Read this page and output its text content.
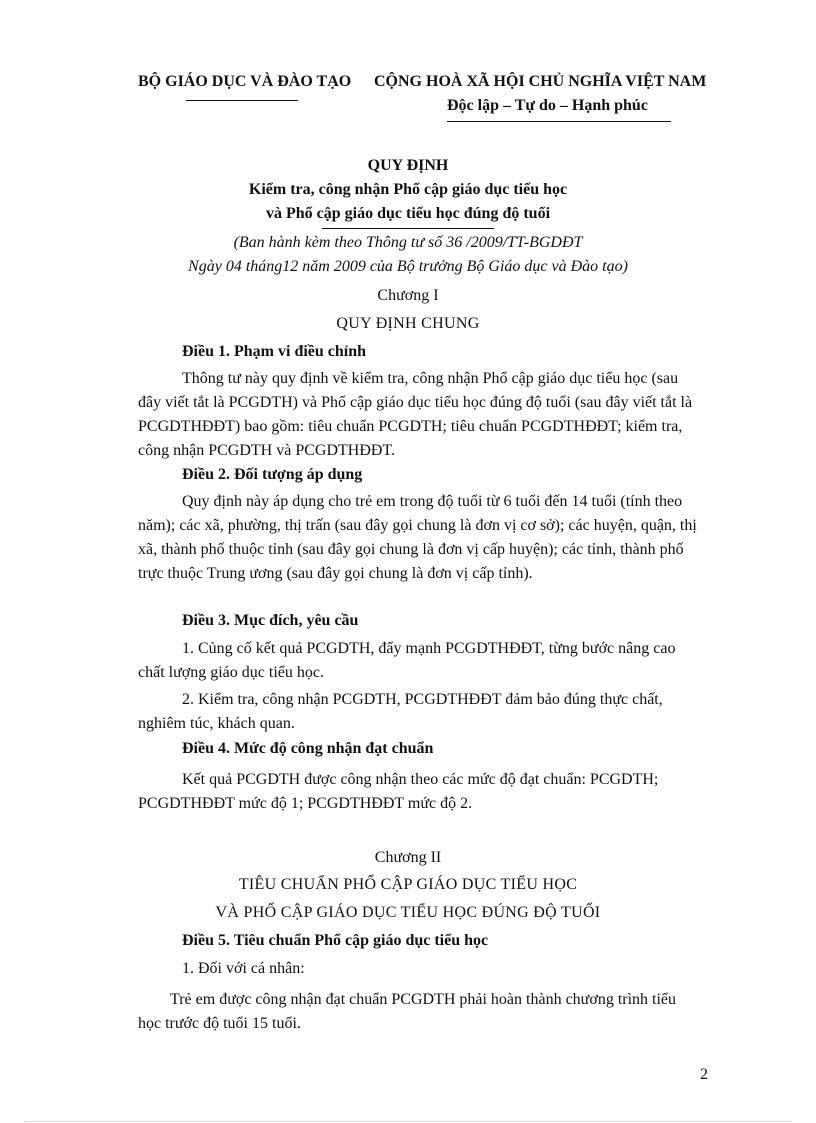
BỘ GIÁO DỤC VÀ ĐÀO TẠO CỘNG HOÀ XÃ HỘI CHỦ NGHĨA VIỆT NAM
Độc lập – Tự do – Hạnh phúc
QUY ĐỊNH
Kiểm tra, công nhận Phổ cập giáo dục tiểu học
và Phổ cập giáo dục tiểu học đúng độ tuổi
(Ban hành kèm theo Thông tư số 36 /2009/TT-BGDĐT
Ngày 04 tháng12 năm 2009 của Bộ trưởng Bộ Giáo dục và Đào tạo)
Chương I
QUY ĐỊNH CHUNG
Điều 1. Phạm vi điều chỉnh
Thông tư này quy định về kiểm tra, công nhận Phổ cập giáo dục tiểu học (sau đây viết tắt là PCGDTH) và Phổ cập giáo dục tiểu học đúng độ tuổi (sau đây viết tắt là PCGDTHĐĐT) bao gồm: tiêu chuẩn PCGDTH; tiêu chuẩn PCGDTHĐĐT; kiểm tra, công nhận PCGDTH và PCGDTHĐĐT.
Điều 2. Đối tượng áp dụng
Quy định này áp dụng cho trẻ em trong độ tuổi từ 6 tuổi đến 14 tuổi (tính theo năm); các xã, phường, thị trấn (sau đây gọi chung là đơn vị cơ sở); các huyện, quận, thị xã, thành phố thuộc tỉnh (sau đây gọi chung là đơn vị cấp huyện); các tỉnh, thành phố trực thuộc Trung ương (sau đây gọi chung là đơn vị cấp tỉnh).
Điều 3. Mục đích, yêu cầu
1. Củng cố kết quả PCGDTH, đẩy mạnh PCGDTHĐĐT, từng bước nâng cao chất lượng giáo dục tiểu học.
2. Kiểm tra, công nhận PCGDTH, PCGDTHĐĐT đảm bảo đúng thực chất, nghiêm túc, khách quan.
Điều 4. Mức độ công nhận đạt chuẩn
Kết quả PCGDTH được công nhận theo các mức độ đạt chuẩn: PCGDTH; PCGDTHĐĐT mức độ 1; PCGDTHĐĐT mức độ 2.
Chương II
TIÊU CHUẨN PHỔ CẬP GIÁO DỤC TIỂU HỌC
VÀ PHỔ CẬP GIÁO DỤC TIỂU HỌC ĐÚNG ĐỘ TUỔI
Điều 5. Tiêu chuẩn Phổ cập giáo dục tiểu học
1. Đối với cá nhân:
Trẻ em được công nhận đạt chuẩn PCGDTH phải hoàn thành chương trình tiểu học trước độ tuổi 15 tuổi.
2
